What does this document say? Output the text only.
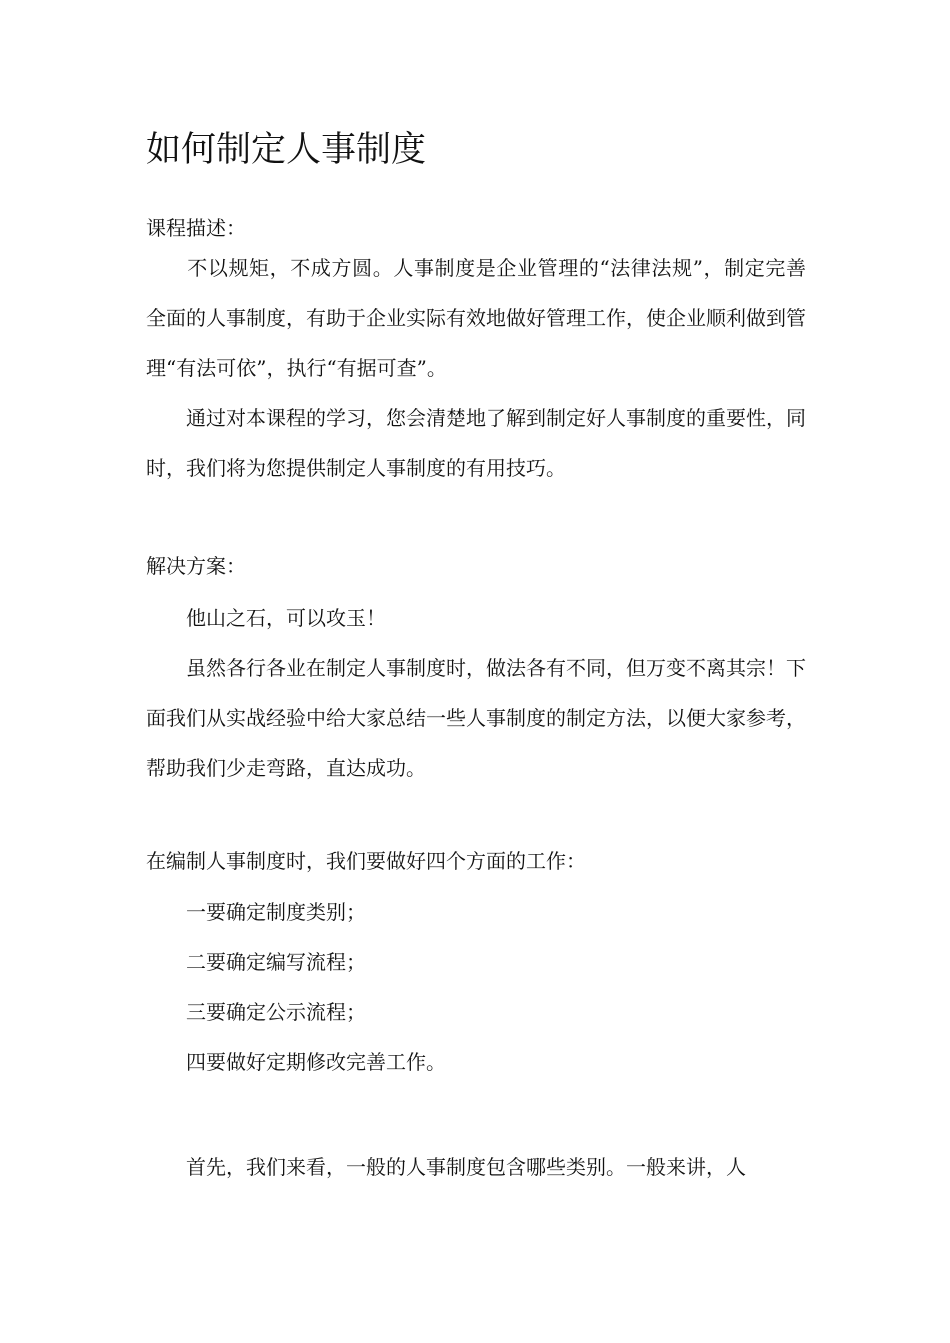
如何制定人事制度

课程描述：

　　不以规矩，不成方圆。人事制度是企业管理的“法律法规”，制定完善全面的人事制度，有助于企业实际有效地做好管理工作，使企业顺利做到管理“有法可依”，执行“有据可查”。

　　通过对本课程的学习，您会清楚地了解到制定好人事制度的重要性，同时，我们将为您提供制定人事制度的有用技巧。

解决方案：

　　他山之石，可以攻玉！

　　虽然各行各业在制定人事制度时，做法各有不同，但万变不离其宗！下面我们从实战经验中给大家总结一些人事制度的制定方法，以便大家参考，帮助我们少走弯路，直达成功。

在编制人事制度时，我们要做好四个方面的工作：

　　一要确定制度类别；

　　二要确定编写流程；

　　三要确定公示流程；

　　四要做好定期修改完善工作。

　　首先，我们来看，一般的人事制度包含哪些类别。一般来讲，人
